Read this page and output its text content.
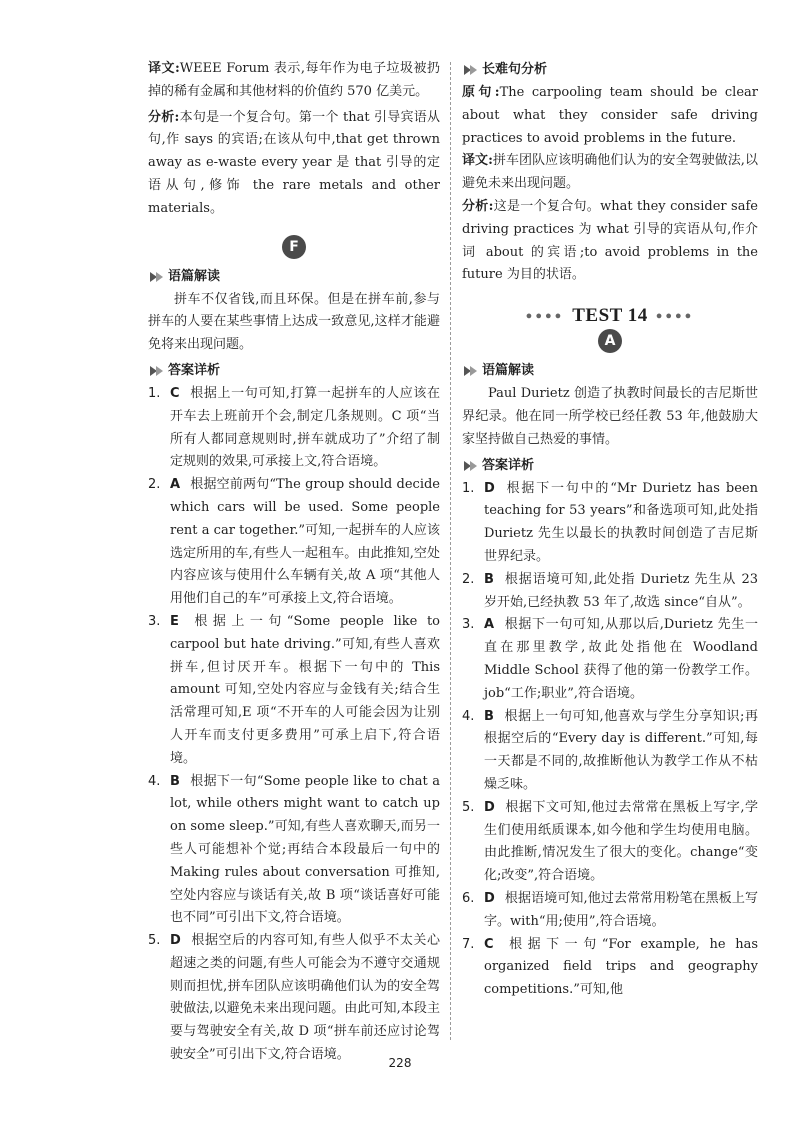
译文:WEEE Forum 表示,每年作为电子垃圾被扔掉的稀有金属和其他材料的价值约 570 亿美元。

分析:本句是一个复合句。第一个 that 引导宾语从句,作 says 的宾语;在该从句中,that get thrown away as e-waste every year 是 that 引导的定语从句,修饰 the rare metals and other materials。

F
语篇解读

拼车不仅省钱,而且环保。但是在拼车前,参与拼车的人要在某些事情上达成一致意见,这样才能避免将来出现问题。

答案详析
1. C 根据上一句可知,打算一起拼车的人应该在开车去上班前开个会,制定几条规则。C 项“当所有人都同意规则时,拼车就成功了”介绍了制定规则的效果,可承接上文,符合语境。

2. A 根据空前两句“The group should decide which cars will be used. Some people rent a car together.”可知,一起拼车的人应该选定所用的车,有些人一起租车。由此推知,空处内容应该与使用什么车辆有关,故 A 项“其他人用他们自己的车”可承接上文,符合语境。

3. E 根据上一句“Some people like to carpool but hate driving.”可知,有些人喜欢拼车,但讨厌开车。根据下一句中的 This amount 可知,空处内容应与金钱有关;结合生活常理可知,E 项“不开车的人可能会因为让别人开车而支付更多费用”可承上启下,符合语境。

4. B 根据下一句“Some people like to chat a lot, while others might want to catch up on some sleep.”可知,有些人喜欢聊天,而另一些人可能想补个觉;再结合本段最后一句中的 Making rules about conversation 可推知,空处内容应与谈话有关,故 B 项“谈话喜好可能也不同”可引出下文,符合语境。

5. D 根据空后的内容可知,有些人似乎不太关心超速之类的问题,有些人可能会为不遵守交通规则而担忧,拼车团队应该明确他们认为的安全驾驶做法,以避免未来出现问题。由此可知,本段主要与驾驶安全有关,故 D 项“拼车前还应讨论驾驶安全”可引出下文,符合语境。

长难句分析

原句:The carpooling team should be clear about what they consider safe driving practices to avoid problems in the future.

译文:拼车团队应该明确他们认为的安全驾驶做法,以避免未来出现问题。

分析:这是一个复合句。what they consider safe driving practices 为 what 引导的宾语从句,作介词 about 的宾语;to avoid problems in the future 为目的状语。

●●●● TEST 14 ●●●●
A
语篇解读

Paul Durietz 创造了执教时间最长的吉尼斯世界纪录。他在同一所学校已经任教 53 年,他鼓励大家坚持做自己热爱的事情。

答案详析
1. D 根据下一句中的“Mr Durietz has been teaching for 53 years”和备选项可知,此处指 Durietz 先生以最长的执教时间创造了吉尼斯世界纪录。

2. B 根据语境可知,此处指 Durietz 先生从 23 岁开始,已经执教 53 年了,故选 since“自从”。

3. A 根据下一句可知,从那以后,Durietz 先生一直在那里教学,故此处指他在 Woodland Middle School 获得了他的第一份教学工作。job“工作;职业”,符合语境。

4. B 根据上一句可知,他喜欢与学生分享知识;再根据空后的“Every day is different.”可知,每一天都是不同的,故推断他认为教学工作从不枯燥乏味。

5. D 根据下文可知,他过去常常在黑板上写字,学生们使用纸质课本,如今他和学生均使用电脑。由此推断,情况发生了很大的变化。change“变化;改变”,符合语境。

6. D 根据语境可知,他过去常常用粉笔在黑板上写字。with“用;使用”,符合语境。

7. C 根据下一句“For example, he has organized field trips and geography competitions.”可知,他

228
